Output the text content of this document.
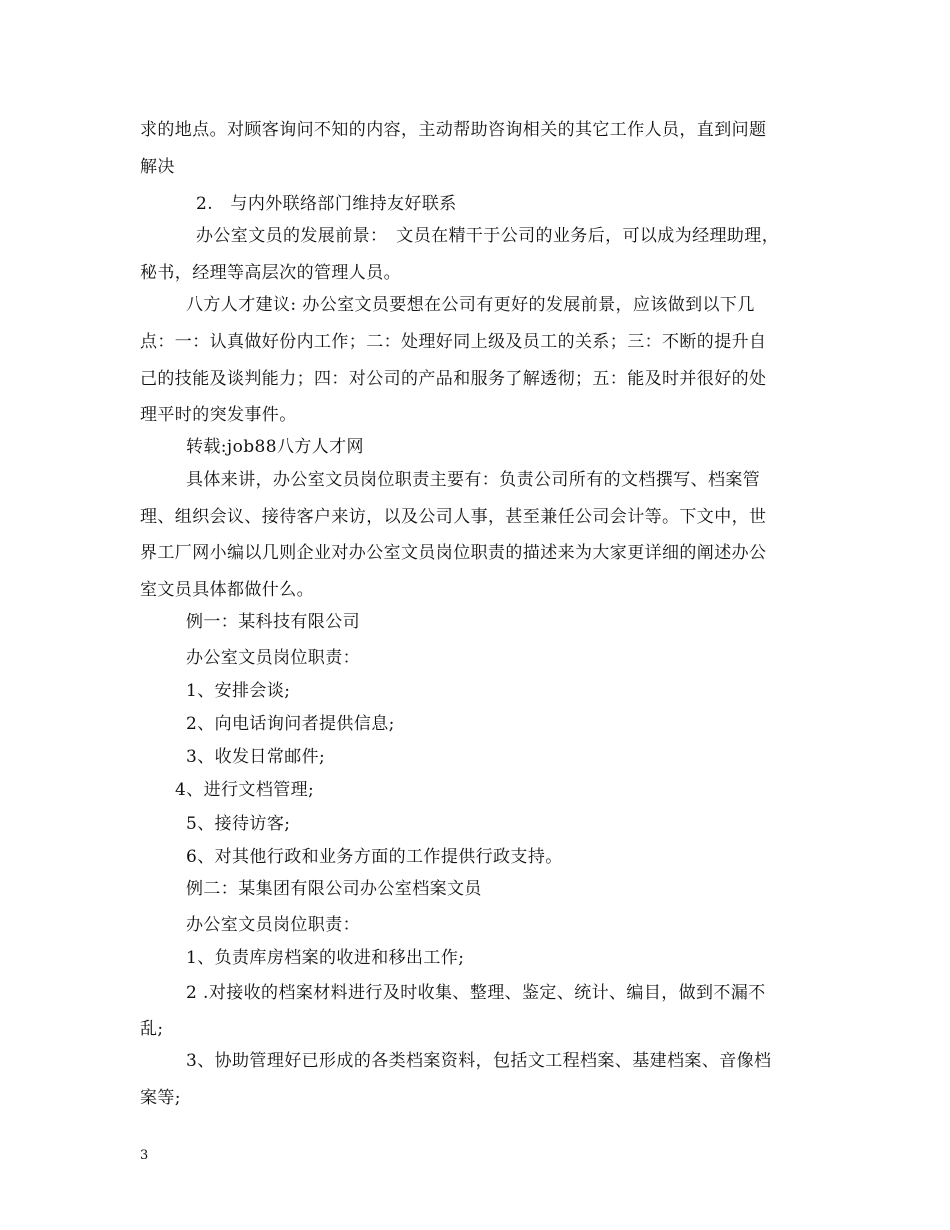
求的地点。对顾客询问不知的内容，主动帮助咨询相关的其它工作人员，直到问题
解决
2.　与内外联络部门维持友好联系
办公室文员的发展前景：　文员在精干于公司的业务后，可以成为经理助理，
秘书，经理等高层次的管理人员。
八方人才建议: 办公室文员要想在公司有更好的发展前景，应该做到以下几
点：一：认真做好份内工作；二：处理好同上级及员工的关系；三：不断的提升自
己的技能及谈判能力；四：对公司的产品和服务了解透彻；五：能及时并很好的处
理平时的突发事件。
转载:job88八方人才网
具体来讲，办公室文员岗位职责主要有：负责公司所有的文档撰写、档案管
理、组织会议、接待客户来访，以及公司人事，甚至兼任公司会计等。下文中，世
界工厂网小编以几则企业对办公室文员岗位职责的描述来为大家更详细的阐述办公
室文员具体都做什么。
例一：某科技有限公司
办公室文员岗位职责：
1、安排会谈;
2、向电话询问者提供信息;
3、收发日常邮件;
4、进行文档管理;
5、接待访客;
6、对其他行政和业务方面的工作提供行政支持。
例二：某集团有限公司办公室档案文员
办公室文员岗位职责：
1、负责库房档案的收进和移出工作;
2 .对接收的档案材料进行及时收集、整理、鉴定、统计、编目，做到不漏不
乱;
3、协助管理好已形成的各类档案资料，包括文工程档案、基建档案、音像档
案等;
3
